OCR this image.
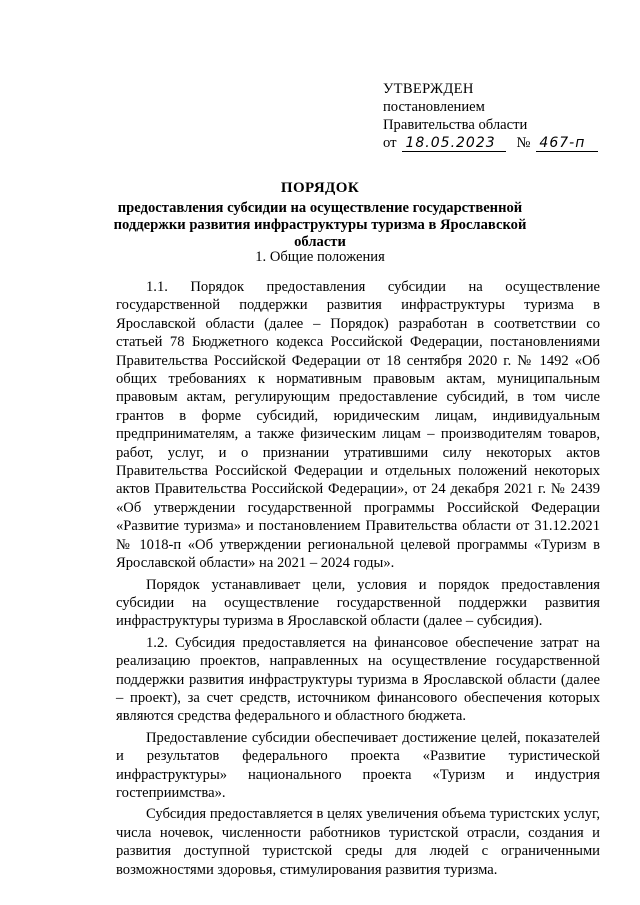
УТВЕРЖДЕН
постановлением
Правительства области
от 18.05.2023	№ 467-п
ПОРЯДОК
предоставления субсидии на осуществление государственной поддержки развития инфраструктуры туризма в Ярославской области
1. Общие положения

1.1. Порядок предоставления субсидии на осуществление государственной поддержки развития инфраструктуры туризма в Ярославской области (далее – Порядок) разработан в соответствии со статьей 78 Бюджетного кодекса Российской Федерации, постановлениями Правительства Российской Федерации от 18 сентября 2020 г. № 1492 «Об общих требованиях к нормативным правовым актам, муниципальным правовым актам, регулирующим предоставление субсидий, в том числе грантов в форме субсидий, юридическим лицам, индивидуальным предпринимателям, а также физическим лицам – производителям товаров, работ, услуг, и о признании утратившими силу некоторых актов Правительства Российской Федерации и отдельных положений некоторых актов Правительства Российской Федерации», от 24 декабря 2021 г. № 2439 «Об утверждении государственной программы Российской Федерации «Развитие туризма» и постановлением Правительства области от 31.12.2021 № 1018-п «Об утверждении региональной целевой программы «Туризм в Ярославской области» на 2021 – 2024 годы».

Порядок устанавливает цели, условия и порядок предоставления субсидии на осуществление государственной поддержки развития инфраструктуры туризма в Ярославской области (далее – субсидия).

1.2. Субсидия предоставляется на финансовое обеспечение затрат на реализацию проектов, направленных на осуществление государственной поддержки развития инфраструктуры туризма в Ярославской области (далее – проект), за счет средств, источником финансового обеспечения которых являются средства федерального и областного бюджета.

Предоставление субсидии обеспечивает достижение целей, показателей и результатов федерального проекта «Развитие туристической инфраструктуры» национального проекта «Туризм и индустрия гостеприимства».

Субсидия предоставляется в целях увеличения объема туристских услуг, числа ночевок, численности работников туристской отрасли, создания и развития доступной туристской среды для людей с ограниченными возможностями здоровья, стимулирования развития туризма.
